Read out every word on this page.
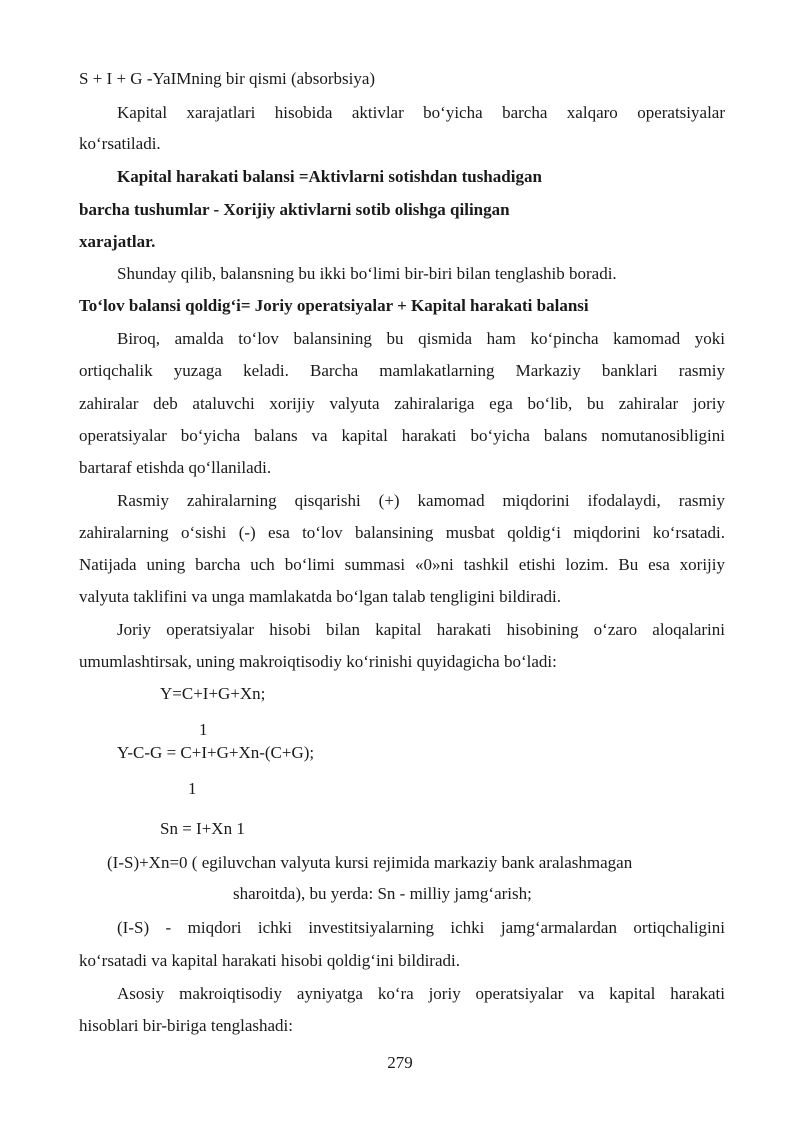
S + I + G -YaIMning bir qismi (absorbsiya)
Kapital xarajatlari hisobida aktivlar bo‘yicha barcha xalqaro operatsiyalar
ko‘rsatiladi.
Kapital harakati balansi =Aktivlarni sotishdan tushadigan
barcha tushumlar - Xorijiy aktivlarni sotib olishga qilingan
xarajatlar.
Shunday qilib, balansning bu ikki bo‘limi bir-biri bilan tenglashib boradi.
To‘lov balansi qoldig‘i= Joriy operatsiyalar + Kapital harakati balansi
Biroq, amalda to‘lov balansining bu qismida ham ko‘pincha kamomad yoki
ortiqchalik yuzaga keladi. Barcha mamlakatlarning Markaziy banklari rasmiy
zahiralar deb ataluvchi xorijiy valyuta zahiralariga ega bo‘lib, bu zahiralar joriy
operatsiyalar bo‘yicha balans va kapital harakati bo‘yicha balans nomutanosibligini
bartaraf etishda qo‘llaniladi.
Rasmiy zahiralarning qisqarishi (+) kamomad miqdorini ifodalaydi, rasmiy
zahiralarning o‘sishi (-) esa to‘lov balansining musbat qoldig‘i miqdorini ko‘rsatadi.
Natijada uning barcha uch bo‘limi summasi «0»ni tashkil etishi lozim. Bu esa xorijiy
valyuta taklifini va unga mamlakatda bo‘lgan talab tengligini bildiradi.
Joriy operatsiyalar hisobi bilan kapital harakati hisobining o‘zaro aloqalarini
umumlashtirsak, uning makroiqtisodiy ko‘rinishi quyidagicha bo‘ladi:
Y=C+I+G+Xn;
1
Y-C-G = C+I+G+Xn-(C+G);
1
Sn = I+Xn 1
(I-S)+Xn=0 ( egiluvchan valyuta kursi rejimida markaziy bank aralashmagan
sharoitda), bu yerda: Sn - milliy jamg‘arish;
(I-S) - miqdori ichki investitsiyalarning ichki jamg‘armalardan ortiqchaligini
ko‘rsatadi va kapital harakati hisobi qoldig‘ini bildiradi.
Asosiy makroiqtisodiy ayniyatga ko‘ra joriy operatsiyalar va kapital harakati
hisoblari bir-biriga tenglashadi:
279
